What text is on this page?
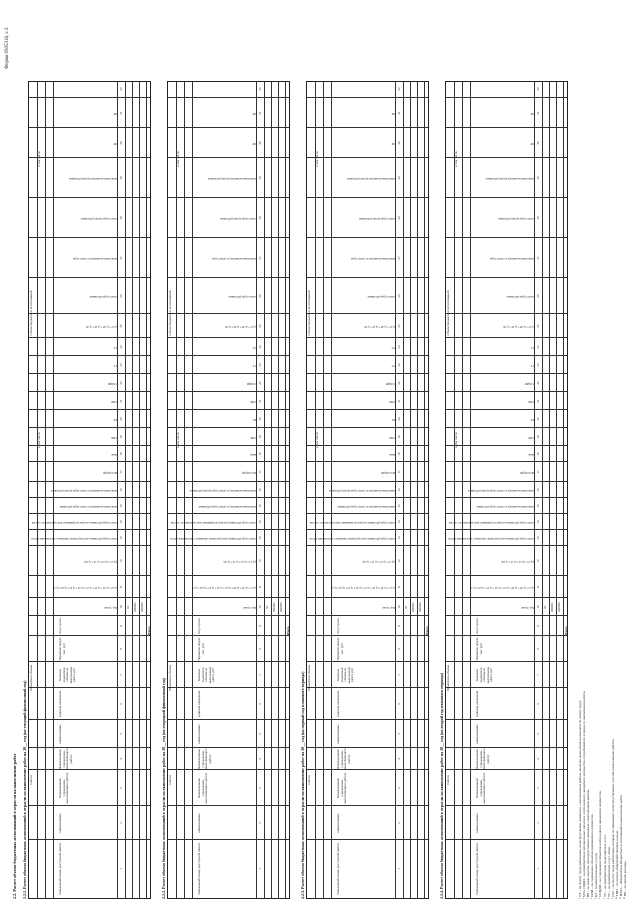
Форма 0505316, с.3
2.2. Расчет объема бюджетных ассигнований в отрасли на выполнение работ 2.2.1. Расчет объема бюджетных ассигнований в отрасли на выполнение работ на 20__ год (на текущий финансовый год) Работа
Показатель объема
Объем бюджетных ассигнований
в том числе
в том числе
Уникальный номер реестровой записи
наименование
Наименование учреждения, выполняющего работу
Наименование учреждения, выполняющего работу
наименование
единица измерения
Значение показателя объема на выполнение работ, руб
Норматив затрат, тыс. руб
Код строки
Код строки
гр 12 + гр 19 + гр 20 + гр 21 + гр 22 + гр 23 + гр 24 + гр 25
(гр 13 + гр 14 + гр 15 + гр 16)
оплата труда работников, непосредственно связанных с выполнением работы
оплата труда работников, которые не принимают непосредственного участия
начисления на выплаты по оплате труда работников
начисления на выплаты по оплате труда прочих работников
МЗ и ОЦДИ
иные
СНИ
КУ
СНИ
СОЦДИ
ТУ
УС
гр 27 + гр 28 + гр 29 + гр 30
оплата труда работников
начисления на выплаты по оплате труда
оплата труда прочих работников
начисления на выплаты прочих работников
ПР
ПР
1
2
3
4
5
6
7
8
9
10
11
12
13
14
15
16
17
18
19
20
21
22
23
24
25
26
27
28
29
30
31
32
01 000001 900000
Итого
2.2.2. Расчет объема бюджетных ассигнований в отрасли на выполнение работ на 20__ год (на очередной финансовый год) Работа
Показатель объема
Объем бюджетных ассигнований
в том числе
в том числе
Уникальный номер реестровой записи
наименование
Наименование учреждения, выполняющего работу
Наименование учреждения, выполняющего работу
наименование
единица измерения
Значение показателя объема на выполнение работ, руб
Норматив затрат, тыс. руб
Код строки
Код строки
гр 12 + гр 19 + гр 20 + гр 21 + гр 22 + гр 23 + гр 24 + гр 25
(гр 13 + гр 14 + гр 15 + гр 16)
оплата труда работников, непосредственно связанных с выполнением работы
оплата труда работников, которые не принимают непосредственного участия
начисления на выплаты по оплате труда работников
начисления на выплаты по оплате труда прочих работников
МЗ и ОЦДИ
иные
СНИ
КУ
СНИ
СОЦДИ
ТУ
УС
гр 27 + гр 28 + гр 29 + гр 30
оплата труда работников
начисления на выплаты по оплате труда
оплата труда прочих работников
начисления на выплаты прочих работников
ПР
ПР
1
2
3
4
5
6
7
8
9
10
11
12
13
14
15
16
17
18
19
20
21
22
23
24
25
26
27
28
29
30
31
32
01 000001 900000
Итого
2.2.3. Расчет объема бюджетных ассигнований в отрасли на выполнение работ на 20__ год (на первый год планового периода) Работа
Показатель объема
Объем бюджетных ассигнований
в том числе
в том числе
Уникальный номер реестровой записи
наименование
Наименование учреждения, выполняющего работу
Наименование учреждения, выполняющего работу
наименование
единица измерения
Значение показателя объема на выполнение работ, руб
Норматив затрат, тыс. руб
Код строки
Код строки
гр 12 + гр 19 + гр 20 + гр 21 + гр 22 + гр 23 + гр 24 + гр 25
(гр 13 + гр 14 + гр 15 + гр 16)
оплата труда работников, непосредственно связанных с выполнением работы
оплата труда работников, которые не принимают непосредственного участия
начисления на выплаты по оплате труда работников
начисления на выплаты по оплате труда прочих работников
МЗ и ОЦДИ
иные
СНИ
КУ
СНИ
СОЦДИ
ТУ
УС
гр 27 + гр 28 + гр 29 + гр 30
оплата труда работников
начисления на выплаты по оплате труда
оплата труда прочих работников
начисления на выплаты прочих работников
ПР
ПР
1
2
3
4
5
6
7
8
9
10
11
12
13
14
15
16
17
18
19
20
21
22
23
24
25
26
27
28
29
30
31
32
01 000001 900000
Итого
2.2.4. Расчет объема бюджетных ассигнований в отрасли на выполнение работ на 20__ год (на второй год планового периода) Работа
Показатель объема
Объем бюджетных ассигнований
в том числе
в том числе
Уникальный номер реестровой записи
наименование
Наименование учреждения, выполняющего работу
Наименование учреждения, выполняющего работу
наименование
единица измерения
Значение показателя объема на выполнение работ, руб
Норматив затрат, тыс. руб
Код строки
Код строки
гр 12 + гр 19 + гр 20 + гр 21 + гр 22 + гр 23 + гр 24 + гр 25
(гр 13 + гр 14 + гр 15 + гр 16)
оплата труда работников, непосредственно связанных с выполнением работы
оплата труда работников, которые не принимают непосредственного участия
начисления на выплаты по оплате труда работников
начисления на выплаты по оплате труда прочих работников
МЗ и ОЦДИ
иные
СНИ
КУ
СНИ
СОЦДИ
ТУ
УС
гр 27 + гр 28 + гр 29 + гр 30
оплата труда работников
начисления на выплаты по оплате труда
оплата труда прочих работников
начисления на выплаты прочих работников
ПР
ПР
1
2
3
4
5
6
7
8
9
10
11
12
13
14
15
16
17
18
19
20
21
22
23
24
25
26
27
28
29
30
31
32
01 000001 900000
Итого
¹ ОТ – на оплату труда работников, непосредственно связанных с выполнением работы, включая начисления на выплаты по оплате труда. ² МЗ и ОЦДИ – на приобретение материальных запасов и особо ценного движимого имущества, потребляемого в процессе выполнения работы. ³ ПР – на иные затраты, непосредственно связанные с выполнением работы. ⁴ СНИ – на содержание объектов недвижимого имущества. ⁵ КУ – на коммунальные услуги. ⁶ СОЦДИ – на содержание объектов особо ценного движимого имущества. ⁷ ТУ – на приобретение транспортных услуг. ⁸ УС – на приобретение услуг связи. ⁹ ОТ2 – на оплату труда работников, которые не принимают непосредственного участия в выполнении работы. ¹⁰ ПНЗ – на прочие общехозяйственные нужды. ¹¹ Итого – общий объем бюджетных ассигнований на выполнение работ. ¹² ПР – на прочие расходы.
